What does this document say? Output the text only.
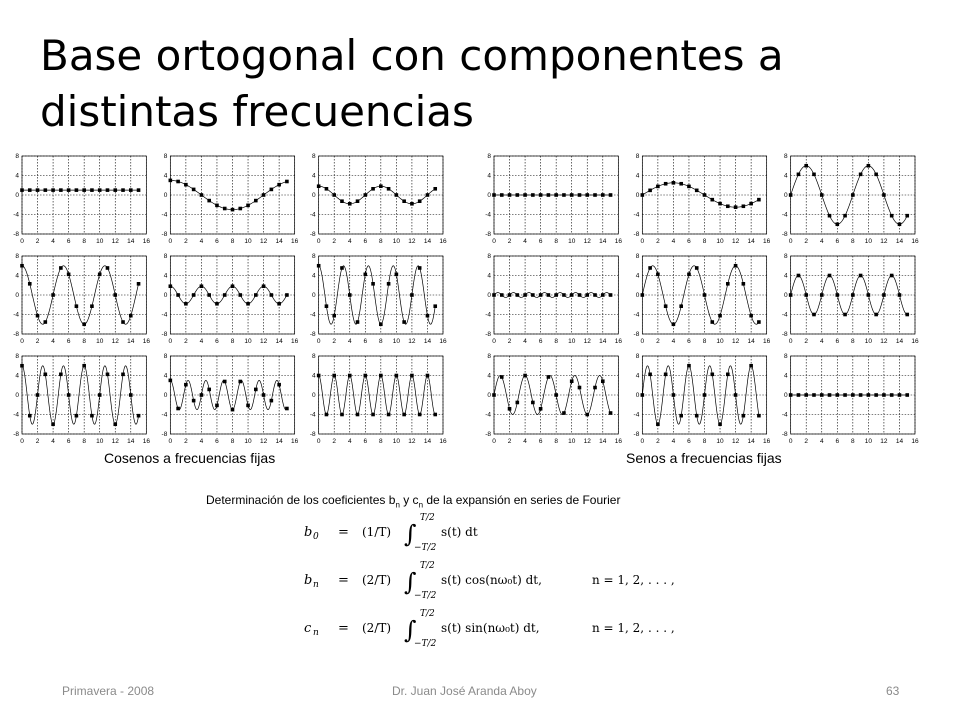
Base ortogonal con componentes a distintas frecuencias
0 2 4 6 8 10 12 14 16
8
4
0
-4
-8
0 2 4 6 8 10 12 14 16
8
4
0
-4
-8
0 2 4 6 8 10 12 14 16
8
4
0
-4
-8
0 2 4 6 8 10 12 14 16
8
4
0
-4
-8
0 2 4 6 8 10 12 14 16
8
4
0
-4
-8
0 2 4 6 8 10 12 14 16
8
4
0
-4
-8
0 2 4 6 8 10 12 14 16
8
4
0
-4
-8
0 2 4 6 8 10 12 14 16
8
4
0
-4
-8
0 2 4 6 8 10 12 14 16
8
4
0
-4
-8
0 2 4 6 8 10 12 14 16
8
4
0
-4
-8
0 2 4 6 8 10 12 14 16
8
4
0
-4
-8
0 2 4 6 8 10 12 14 16
8
4
0
-4
-8
0 2 4 6 8 10 12 14 16
8
4
0
-4
-8
0 2 4 6 8 10 12 14 16
8
4
0
-4
-8
0 2 4 6 8 10 12 14 16
8
4
0
-4
-8
0 2 4 6 8 10 12 14 16
8
4
0
-4
-8
0 2 4 6 8 10 12 14 16
8
4
0
-4
-8
0 2 4 6 8 10 12 14 16
8
4
0
-4
-8
Cosenos a frecuencias fijas	Senos a frecuencias fijas
Determinación de los coeficientes $b_n$ y $c_n$ de la expansión en series de Fourier
b 0 = (1/T) ∫
T/2
−T/2
s(t) dt
b n = (2/T) ∫
T/2
−T/2
s(t) cos(nω₀t) dt,	n = 1, 2, . . . ,
c n = (2/T) ∫
T/2
−T/2
s(t) sin(nω₀t) dt,	n = 1, 2, . . . ,
Primavera - 2008	Dr. Juan José Aranda Aboy	63
